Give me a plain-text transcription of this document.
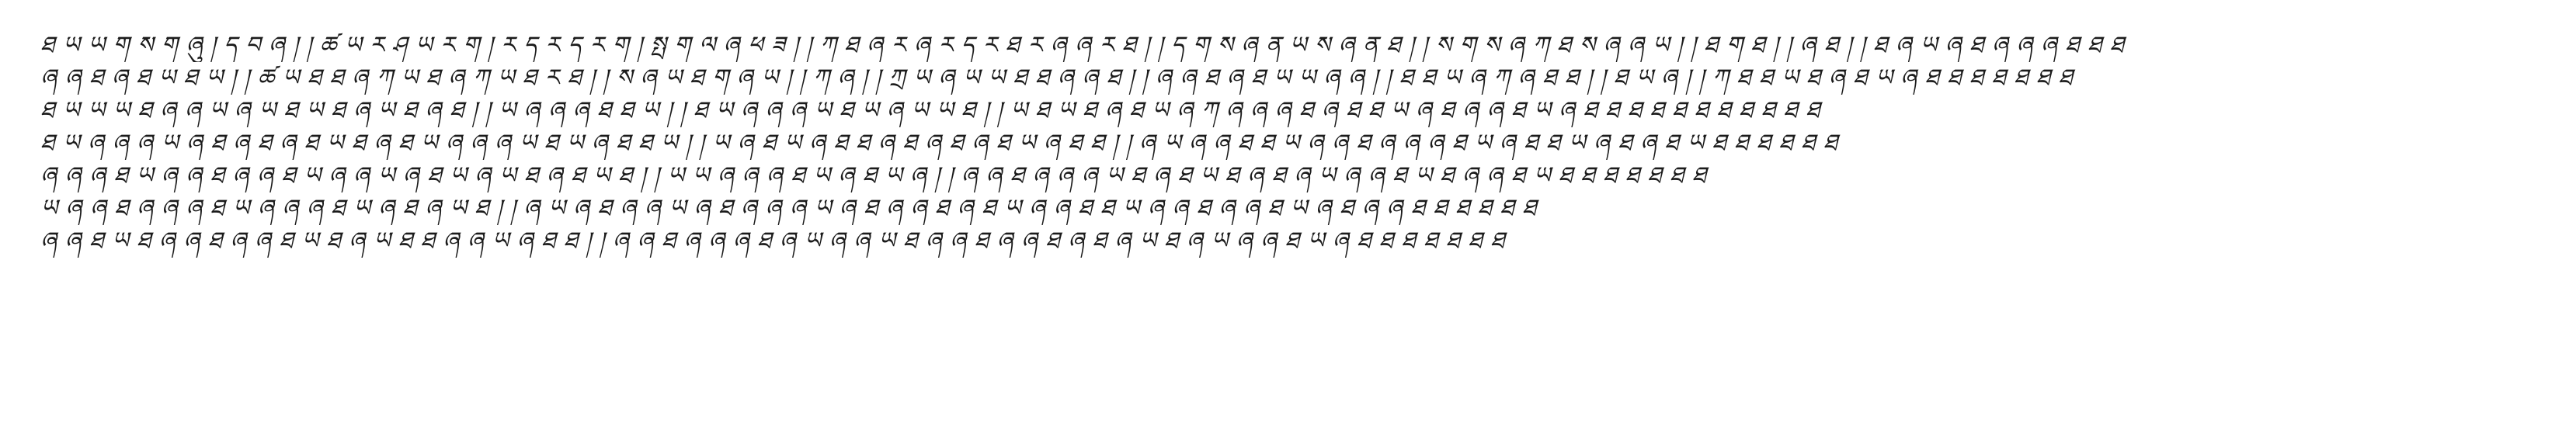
ཐ ཡ ཡ ག ས ག ཞུ ། ད བ ཞ ། ། ཚ ཡ ར ཤ ཡ ར ག ། ར ད ར ད ར ག ། སྤ ག ལ ཞ ཕ ཟ ། ། ཀ ཐ ཞ ར ཞ ར ད ར ཐ ར ཞ ཞ ར ཐ ། ། ད ག ས ཞ ན ཡ ས ཞ ན ཐ ། ། ས ག ས ཞ ཀ ཐ ས ཞ ཞ ཡ ། ། ཐ ག ཐ ། ། ཞ ཐ ། ། ཐ ཞ ཡ ཞ ཐ ཞ ཞ ཞ ཐ ཐ ཐ
ཞ ཞ ཐ ཞ ཐ ཡ ཐ ཡ ། ། ཚ ཡ ཐ ཐ ཞ ཀ ཡ ཐ ཞ ཀ ཡ ཐ ར ཐ ། ། ས ཞ ཡ ཐ ག ཞ ཡ ། ། ཀ ཞ ། ། ཀྲ ཡ ཞ ཡ ཡ ཐ ཐ ཞ ཞ ཐ ། ། ཞ ཞ ཐ ཞ ཐ ཡ ཡ ཞ ཞ ། ། ཐ ཐ ཡ ཞ ཀ ཞ ཐ ཐ ། ། ཐ ཡ ཞ ། ། ཀ ཐ ཐ ཡ ཐ ཞ ཐ ཡ ཞ ཐ ཐ ཐ ཐ ཐ ཐ ཐ
ཐ ཡ ཡ ཡ ཐ ཞ ཞ ཡ ཞ ཡ ཐ ཡ ཐ ཞ ཡ ཐ ཞ ཐ ། ། ཡ ཞ ཞ ཞ ཐ ཐ ཡ ། ། ཐ ཡ ཞ ཞ ཞ ཡ ཐ ཡ ཞ ཡ ཡ ཐ ། ། ཡ ཐ ཡ ཐ ཞ ཐ ཡ ཞ ཀ ཞ ཞ ཞ ཐ ཞ ཐ ཐ ཡ ཞ ཐ ཞ ཞ ཐ ཡ ཞ ཐ ཐ ཐ ཐ ཐ ཐ ཐ ཐ ཐ ཐ ཐ
ཐ ཡ ཞ ཞ ཞ ཡ ཞ ཐ ཞ ཐ ཞ ཐ ཡ ཐ ཞ ཐ ཡ ཞ ཞ ཞ ཡ ཐ ཡ ཞ ཐ ཐ ཡ ། ། ཡ ཞ ཐ ཡ ཞ ཐ ཐ ཞ ཐ ཞ ཐ ཞ ཐ ཡ ཞ ཐ ཐ ། ། ཞ ཡ ཞ ཞ ཐ ཐ ཡ ཞ ཞ ཐ ཞ ཞ ཞ ཐ ཡ ཞ ཐ ཐ ཡ ཞ ཐ ཞ ཐ ཡ ཐ ཐ ཐ ཐ ཐ ཐ
ཞ ཞ ཞ ཐ ཡ ཞ ཞ ཐ ཞ ཞ ཐ ཡ ཞ ཞ ཡ ཞ ཐ ཡ ཞ ཡ ཐ ཞ ཐ ཡ ཐ ། ། ཡ ཡ ཞ ཞ ཞ ཐ ཡ ཞ ཐ ཡ ཞ ། ། ཞ ཞ ཐ ཞ ཞ ཞ ཡ ཐ ཞ ཐ ཡ ཐ ཞ ཐ ཞ ཡ ཞ ཞ ཐ ཡ ཐ ཞ ཞ ཐ ཡ ཐ ཐ ཐ ཐ ཐ ཐ ཐ
ཡ ཞ ཞ ཐ ཞ ཞ ཞ ཐ ཡ ཞ ཞ ཞ ཐ ཡ ཞ ཐ ཞ ཡ ཐ ། ། ཞ ཡ ཞ ཐ ཞ ཞ ཡ ཞ ཐ ཞ ཞ ཞ ཡ ཞ ཐ ཞ ཞ ཐ ཞ ཐ ཡ ཞ ཞ ཐ ཐ ཡ ཞ ཞ ཐ ཞ ཞ ཐ ཡ ཞ ཐ ཞ ཞ ཐ ཐ ཐ ཐ ཐ ཐ
ཞ ཞ ཐ ཡ ཐ ཞ ཞ ཐ ཞ ཞ ཐ ཡ ཐ ཞ ཡ ཐ ཐ ཞ ཞ ཡ ཞ ཐ ཐ ། ། ཞ ཞ ཐ ཞ ཞ ཞ ཐ ཞ ཡ ཞ ཞ ཡ ཐ ཞ ཞ ཐ ཞ ཞ ཐ ཞ ཐ ཞ ཡ ཐ ཞ ཡ ཞ ཞ ཐ ཡ ཞ ཐ ཐ ཐ ཐ ཐ ཐ ཐ
